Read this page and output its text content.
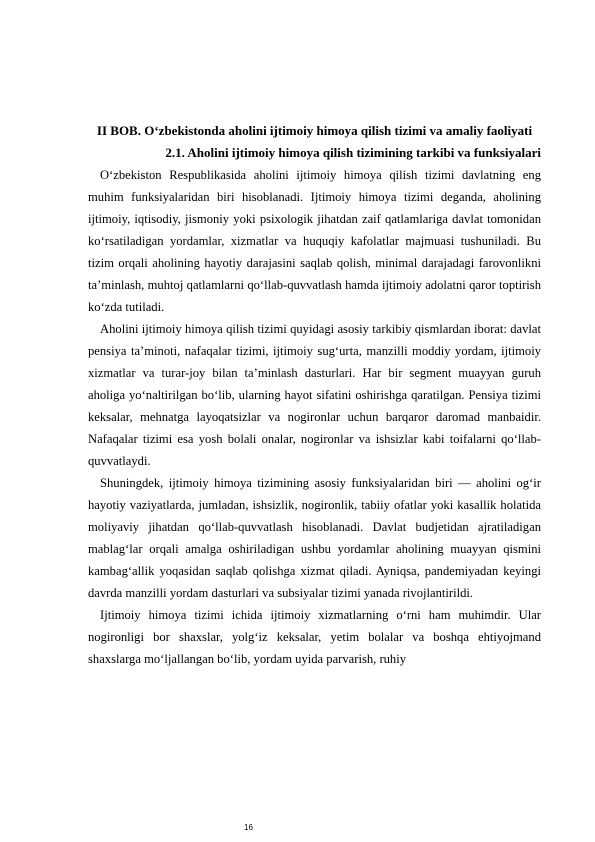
II BOB. O‘zbekistonda aholini ijtimoiy himoya qilish tizimi va amaliy faoliyati
2.1. Aholini ijtimoiy himoya qilish tizimining tarkibi va funksiyalari

O‘zbekiston Respublikasida aholini ijtimoiy himoya qilish tizimi davlatning eng muhim funksiyalaridan biri hisoblanadi. Ijtimoiy himoya tizimi deganda, aholining ijtimoiy, iqtisodiy, jismoniy yoki psixologik jihatdan zaif qatlamlariga davlat tomonidan ko‘rsatiladigan yordamlar, xizmatlar va huquqiy kafolatlar majmuasi tushuniladi. Bu tizim orqali aholining hayotiy darajasini saqlab qolish, minimal darajadagi farovonlikni ta’minlash, muhtoj qatlamlarni qo‘llab-quvvatlash hamda ijtimoiy adolatni qaror toptirish ko‘zda tutiladi.

Aholini ijtimoiy himoya qilish tizimi quyidagi asosiy tarkibiy qismlardan iborat: davlat pensiya ta’minoti, nafaqalar tizimi, ijtimoiy sug‘urta, manzilli moddiy yordam, ijtimoiy xizmatlar va turar-joy bilan ta’minlash dasturlari. Har bir segment muayyan guruh aholiga yo‘naltirilgan bo‘lib, ularning hayot sifatini oshirishga qaratilgan. Pensiya tizimi keksalar, mehnatga layoqatsizlar va nogironlar uchun barqaror daromad manbaidir. Nafaqalar tizimi esa yosh bolali onalar, nogironlar va ishsizlar kabi toifalarni qo‘llab-quvvatlaydi.

Shuningdek, ijtimoiy himoya tizimining asosiy funksiyalaridan biri — aholini og‘ir hayotiy vaziyatlarda, jumladan, ishsizlik, nogironlik, tabiiy ofatlar yoki kasallik holatida moliyaviy jihatdan qo‘llab-quvvatlash hisoblanadi. Davlat budjetidan ajratiladigan mablag‘lar orqali amalga oshiriladigan ushbu yordamlar aholining muayyan qismini kambag‘allik yoqasidan saqlab qolishga xizmat qiladi. Ayniqsa, pandemiyadan keyingi davrda manzilli yordam dasturlari va subsiyalar tizimi yanada rivojlantirildi.

Ijtimoiy himoya tizimi ichida ijtimoiy xizmatlarning o‘rni ham muhimdir. Ular nogironligi bor shaxslar, yolg‘iz keksalar, yetim bolalar va boshqa ehtiyojmand shaxslarga mo‘ljallangan bo‘lib, yordam uyida parvarish, ruhiy

16
